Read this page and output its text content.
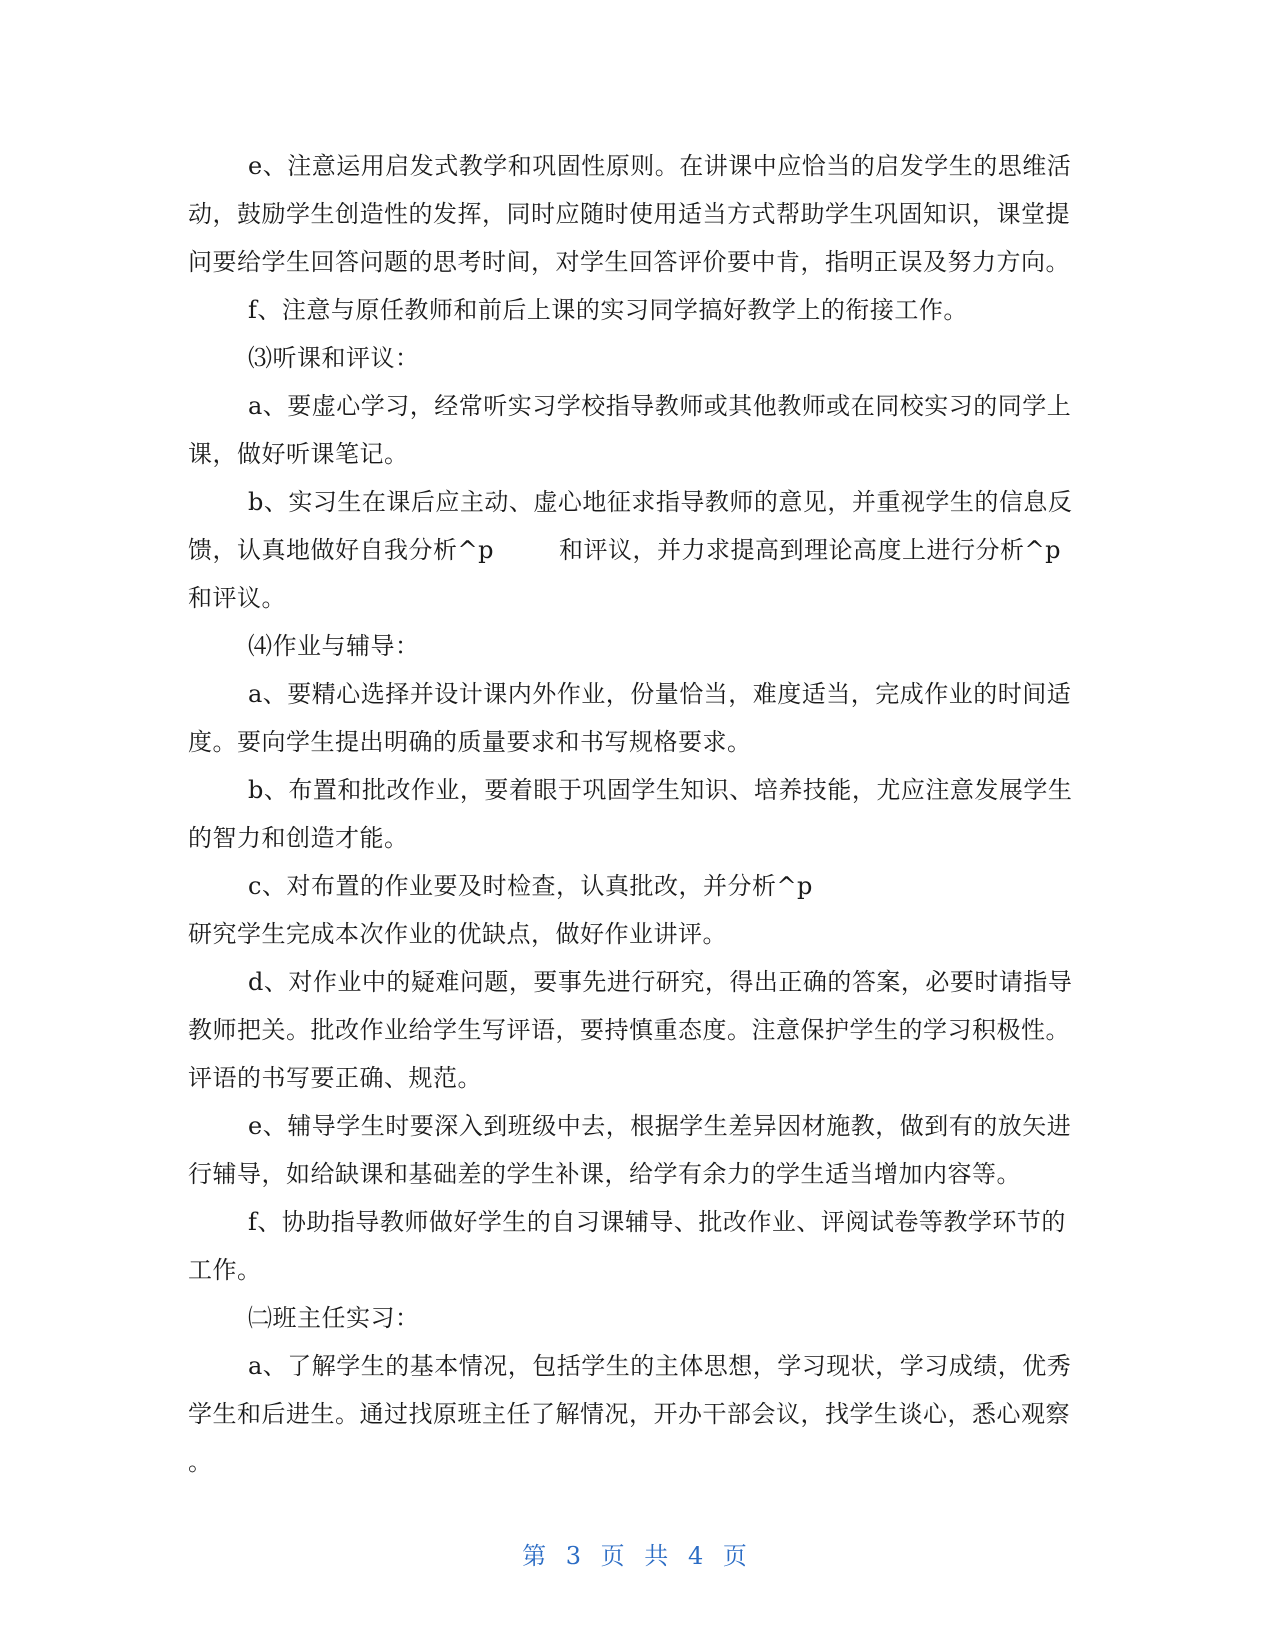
e、注意运用启发式教学和巩固性原则。在讲课中应恰当的启发学生的思维活
动，鼓励学生创造性的发挥，同时应随时使用适当方式帮助学生巩固知识，课堂提
问要给学生回答问题的思考时间，对学生回答评价要中肯，指明正误及努力方向。
f、注意与原任教师和前后上课的实习同学搞好教学上的衔接工作。
⑶听课和评议：
a、要虚心学习，经常听实习学校指导教师或其他教师或在同校实习的同学上
课，做好听课笔记。
b、实习生在课后应主动、虚心地征求指导教师的意见，并重视学生的信息反
馈，认真地做好自我分析^p        和评议，并力求提高到理论高度上进行分析^p
和评议。
⑷作业与辅导：
a、要精心选择并设计课内外作业，份量恰当，难度适当，完成作业的时间适
度。要向学生提出明确的质量要求和书写规格要求。
b、布置和批改作业，要着眼于巩固学生知识、培养技能，尤应注意发展学生
的智力和创造才能。
c、对布置的作业要及时检查，认真批改，并分析^p
研究学生完成本次作业的优缺点，做好作业讲评。
d、对作业中的疑难问题，要事先进行研究，得出正确的答案，必要时请指导
教师把关。批改作业给学生写评语，要持慎重态度。注意保护学生的学习积极性。
评语的书写要正确、规范。
e、辅导学生时要深入到班级中去，根据学生差异因材施教，做到有的放矢进
行辅导，如给缺课和基础差的学生补课，给学有余力的学生适当增加内容等。
f、协助指导教师做好学生的自习课辅导、批改作业、评阅试卷等教学环节的
工作。
㈡班主任实习：
a、了解学生的基本情况，包括学生的主体思想，学习现状，学习成绩，优秀
学生和后进生。通过找原班主任了解情况，开办干部会议，找学生谈心，悉心观察
。
第 3 页 共 4 页
